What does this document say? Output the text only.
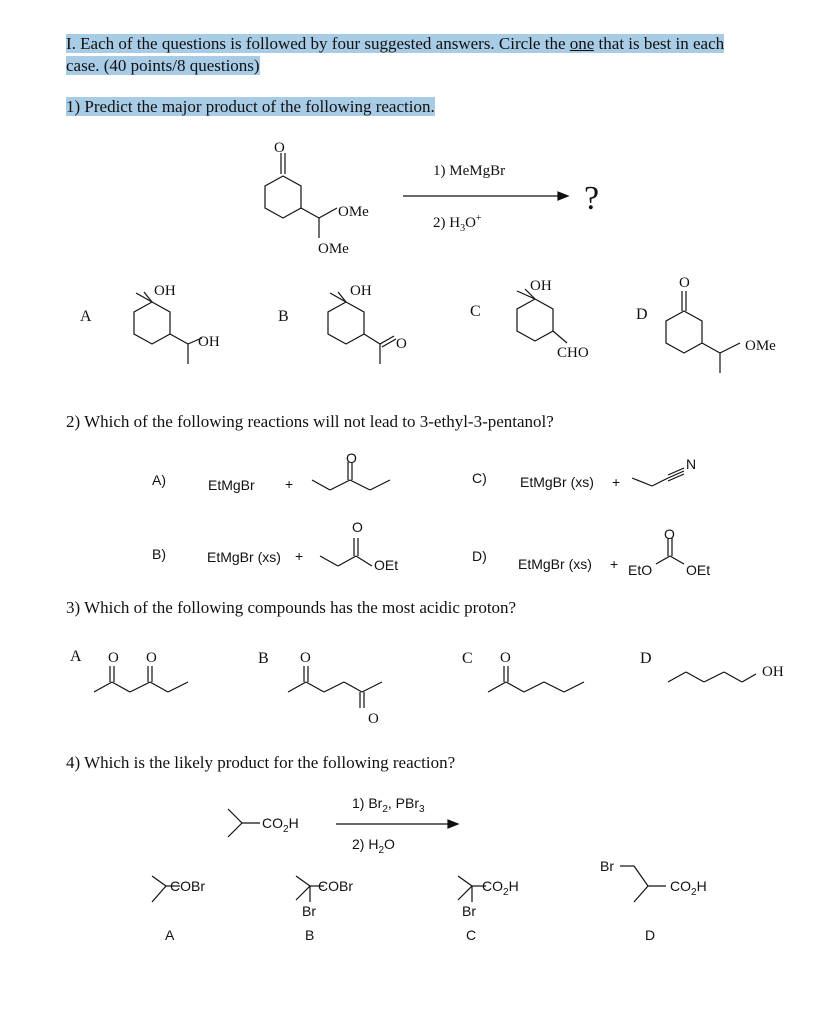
I. Each of the questions is followed by four suggested answers. Circle the one that is best in each
case. (40 points/8 questions)
1) Predict the major product of the following reaction.
O
OMe
OMe
1) MeMgBr
2) $H_3O^+$
?
A
OH
OH
B
OH
O
C
OH
CHO
D
O
OMe
2) Which of the following reactions will not lead to 3-ethyl-3-pentanol?
A)	EtMgBr +
O
C) EtMgBr (xs) +
N
B)	EtMgBr (xs) +
O
OEt
D) EtMgBr (xs) +
O
EtO OEt
3) Which of the following compounds has the most acidic proton?
A O O	B O
O
C O	D
OH
4) Which is the likely product for the following reaction?
$CO_2H$
1) $Br_2$, PBr$_3$
2) $H_2O$
COBr
A
COBr
Br
B
$CO_2H$
Br
C
Br
$CO_2H$
D
